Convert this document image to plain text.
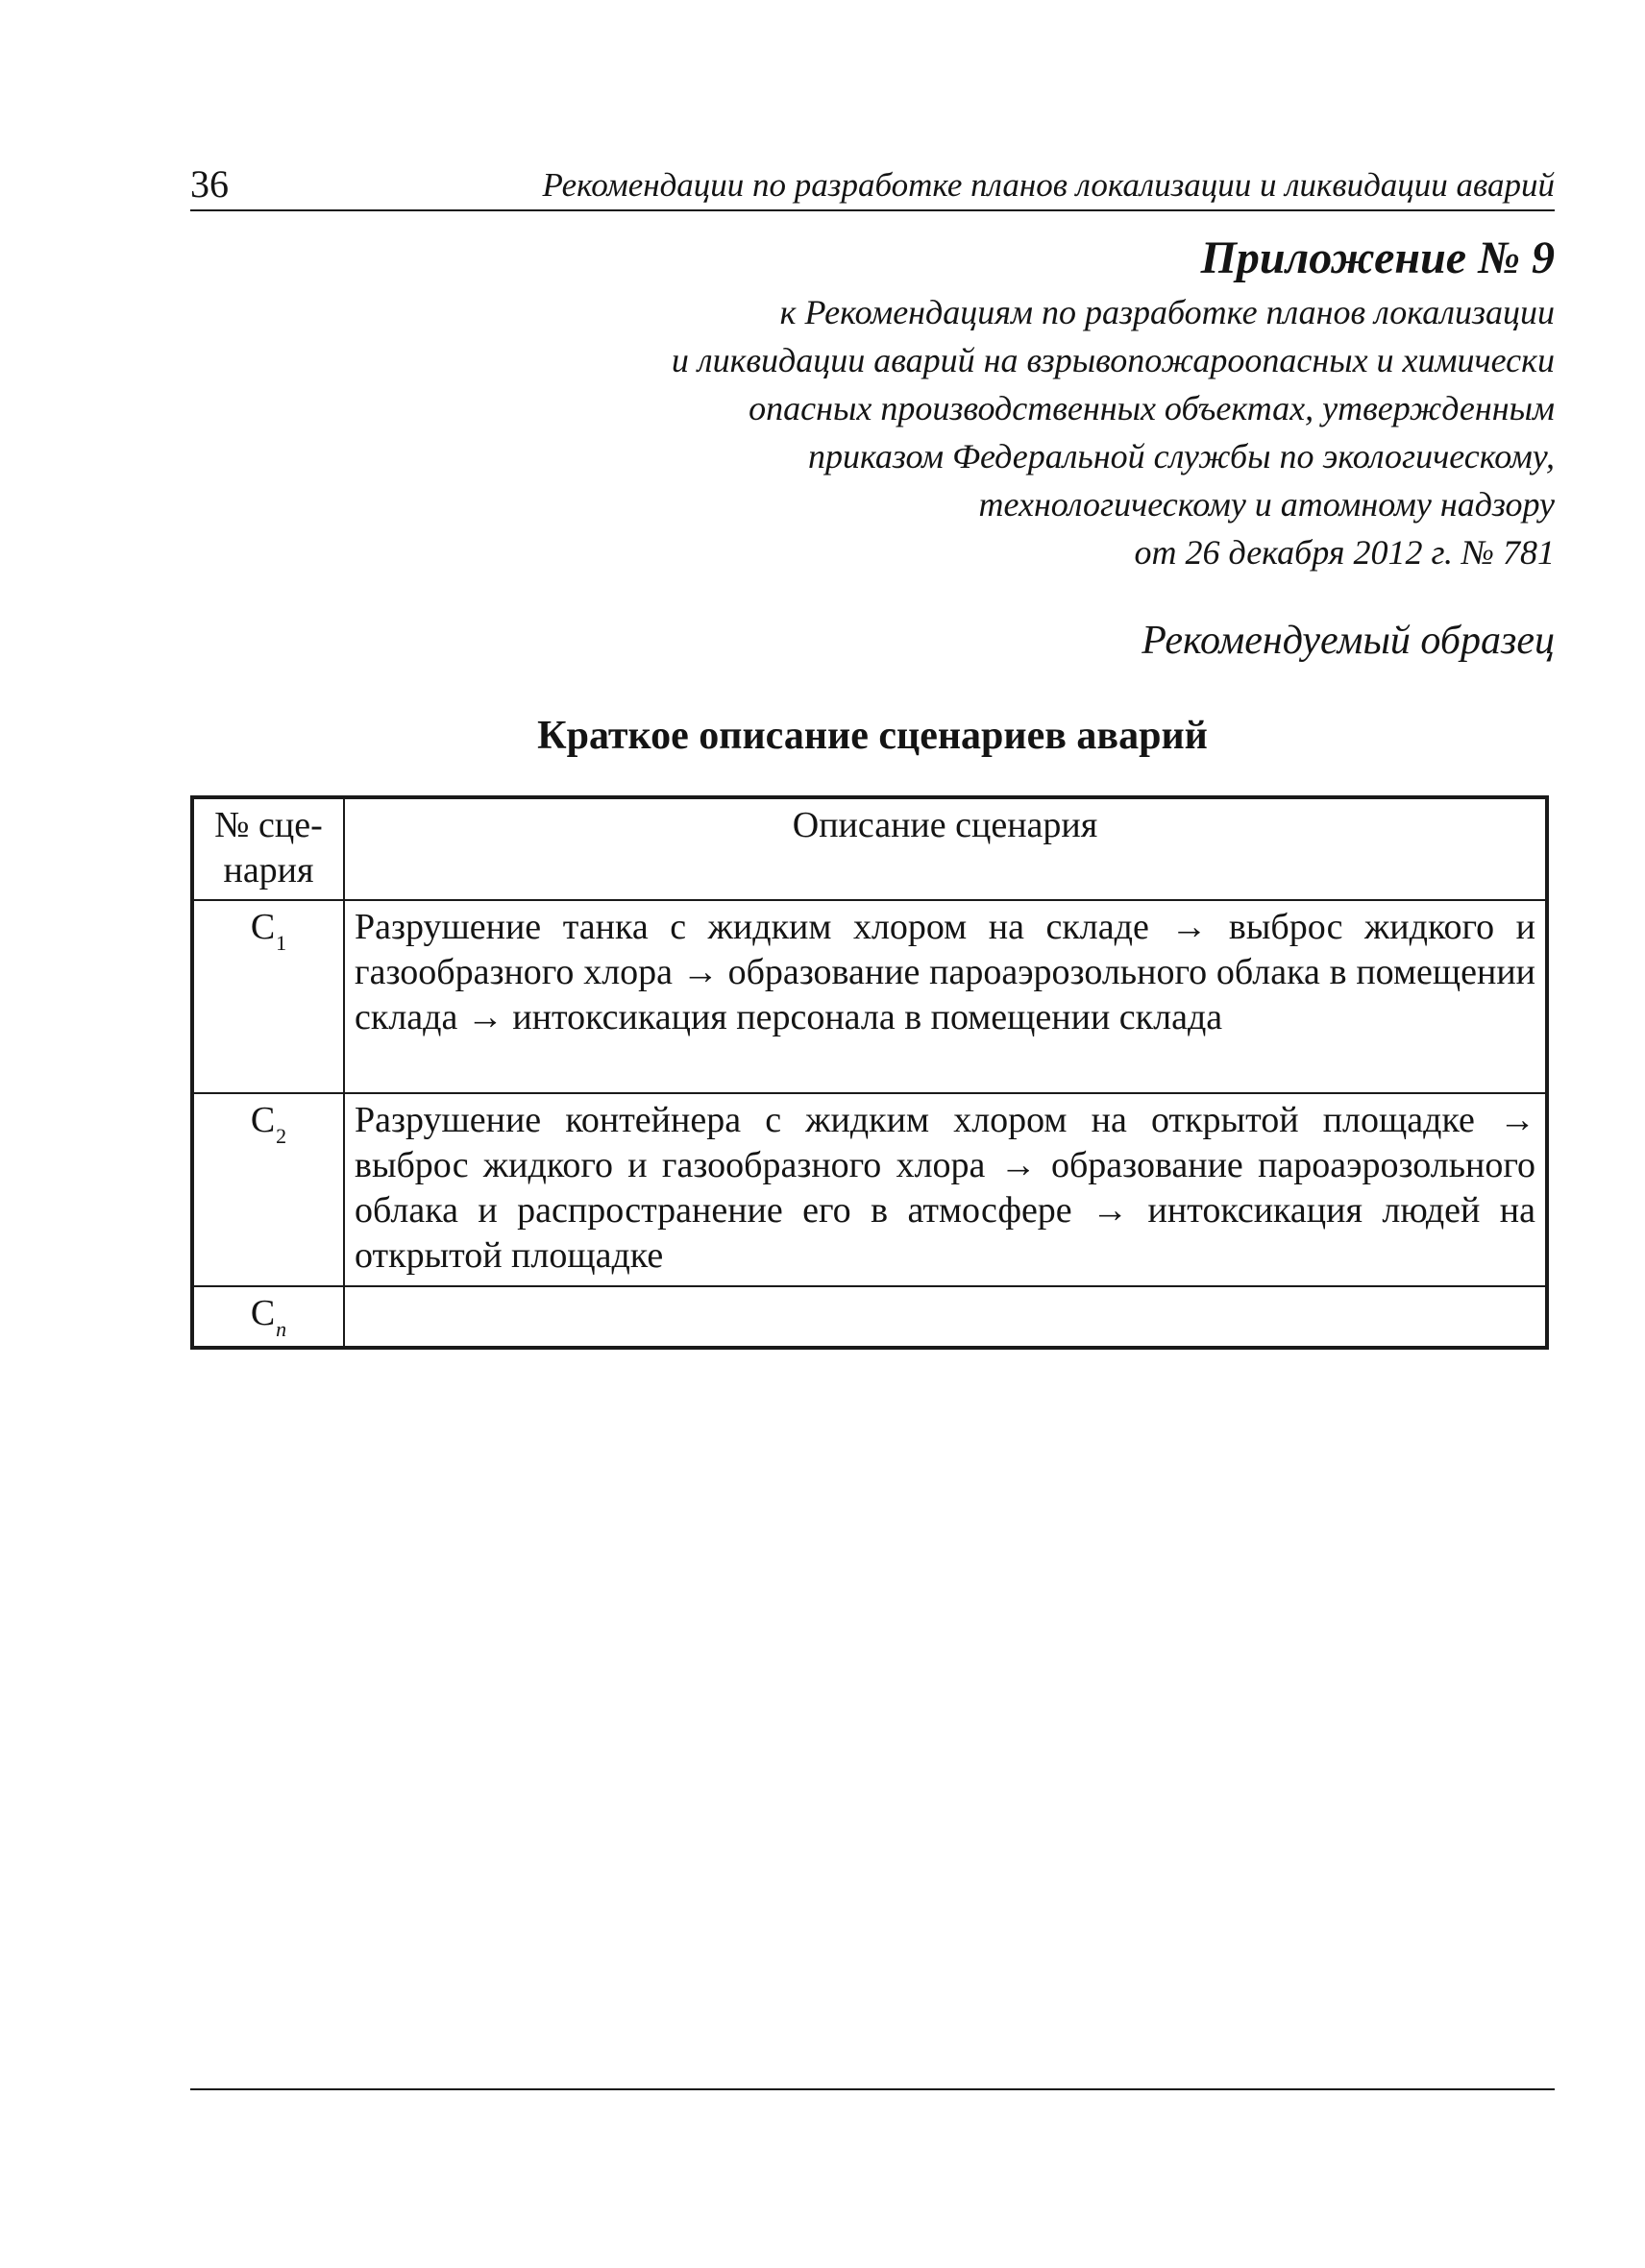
36	Рекомендации по разработке планов локализации и ликвидации аварий
Приложение № 9
к Рекомендациям по разработке планов локализации
и ликвидации аварий на взрывопожароопасных и химически
опасных производственных объектах, утвержденным
приказом Федеральной службы по экологическому,
технологическому и атомному надзору
от 26 декабря 2012 г. № 781
Рекомендуемый образец
Краткое описание сценариев аварий
№ сце-
нария	Описание сценария
$С_1$	Разрушение танка с жидким хлором на складе → выброс жидкого и газообразного хлора → образование пароаэрозольного облака в помещении склада → интоксикация персонала в помещении склада
$С_2$	Разрушение контейнера с жидким хлором на открытой площадке → выброс жидкого и газообразного хлора → образование пароаэрозольного облака и распространение его в атмосфере → интоксикация людей на открытой площадке
$С_n$	
